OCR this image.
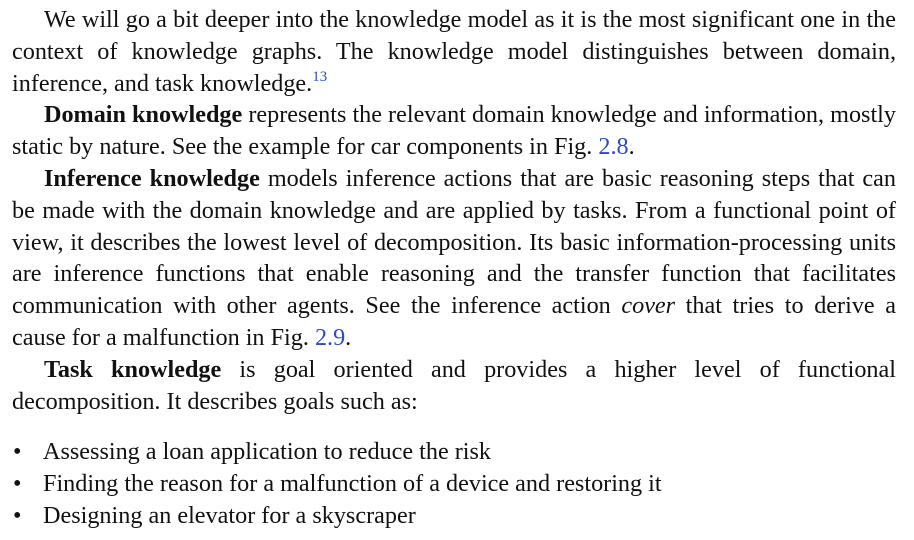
We will go a bit deeper into the knowledge model as it is the most significant one in the context of knowledge graphs. The knowledge model distinguishes between domain, inference, and task knowledge.$^{13}$

Domain knowledge represents the relevant domain knowledge and information, mostly static by nature. See the example for car components in Fig. 2.8.

Inference knowledge models inference actions that are basic reasoning steps that can be made with the domain knowledge and are applied by tasks. From a functional point of view, it describes the lowest level of decomposition. Its basic information-processing units are inference functions that enable reasoning and the transfer function that facilitates communication with other agents. See the inference action cover that tries to derive a cause for a malfunction in Fig. 2.9.

Task knowledge is goal oriented and provides a higher level of functional decomposition. It describes goals such as:

• Assessing a loan application to reduce the risk
• Finding the reason for a malfunction of a device and restoring it
• Designing an elevator for a skyscraper
